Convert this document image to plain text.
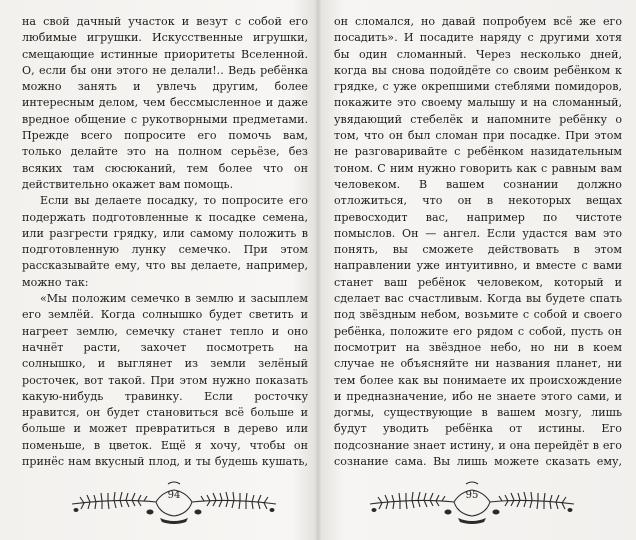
на свой дачный участок и везут с собой его любимые игрушки. Искусственные игрушки, смещающие истинные приоритеты Вселенной. О, если бы они этого не делали!.. Ведь ребёнка можно занять и увлечь другим, более интересным делом, чем бессмысленное и даже вредное общение с рукотворными предметами. Прежде всего попросите его помочь вам, только делайте это на полном серьёзе, без всяких там сюсюканий, тем более что он действительно окажет вам помощь.

Если вы делаете посадку, то попросите его подержать подготовленные к посадке семена, или разгрести грядку, или самому положить в подготовленную лунку семечко. При этом рассказывайте ему, что вы делаете, например, можно так:

«Мы положим семечко в землю и засыплем его землёй. Когда солнышко будет светить и нагреет землю, семечку станет тепло и оно начнёт расти, захочет посмотреть на солнышко, и выглянет из земли зелёный росточек, вот такой. При этом нужно показать какую-нибудь травинку. Если росточку нравится, он будет становиться всё больше и больше и может превратиться в дерево или поменьше, в цветок. Ещё я хочу, чтобы он принёс нам вкусный плод, и ты будешь кушать,

он сломался, но давай попробуем всё же его посадить». И посадите наряду с другими хотя бы один сломанный. Через несколько дней, когда вы снова подойдёте со своим ребёнком к грядке, с уже окрепшими стеблями помидоров, покажите это своему малышу и на сломанный, увядающий стебелёк и напомните ребёнку о том, что он был сломан при посадке. При этом не разговаривайте с ребёнком назидательным тоном. С ним нужно говорить как с равным вам человеком. В вашем сознании должно отложиться, что он в некоторых вещах превосходит вас, например по чистоте помыслов. Он — ангел. Если удастся вам это понять, вы сможете действовать в этом направлении уже интуитивно, и вместе с вами станет ваш ребёнок человеком, который и сделает вас счастливым. Когда вы будете спать под звёздным небом, возьмите с собой и своего ребёнка, положите его рядом с собой, пусть он посмотрит на звёздное небо, но ни в коем случае не объясняйте ни названия планет, ни тем более как вы понимаете их происхождение и предназначение, ибо не знаете этого сами, и догмы, существующие в вашем мозгу, лишь будут уводить ребёнка от истины. Его подсознание знает истину, и она перейдёт в его сознание сама. Вы лишь можете сказать ему,

94	95
